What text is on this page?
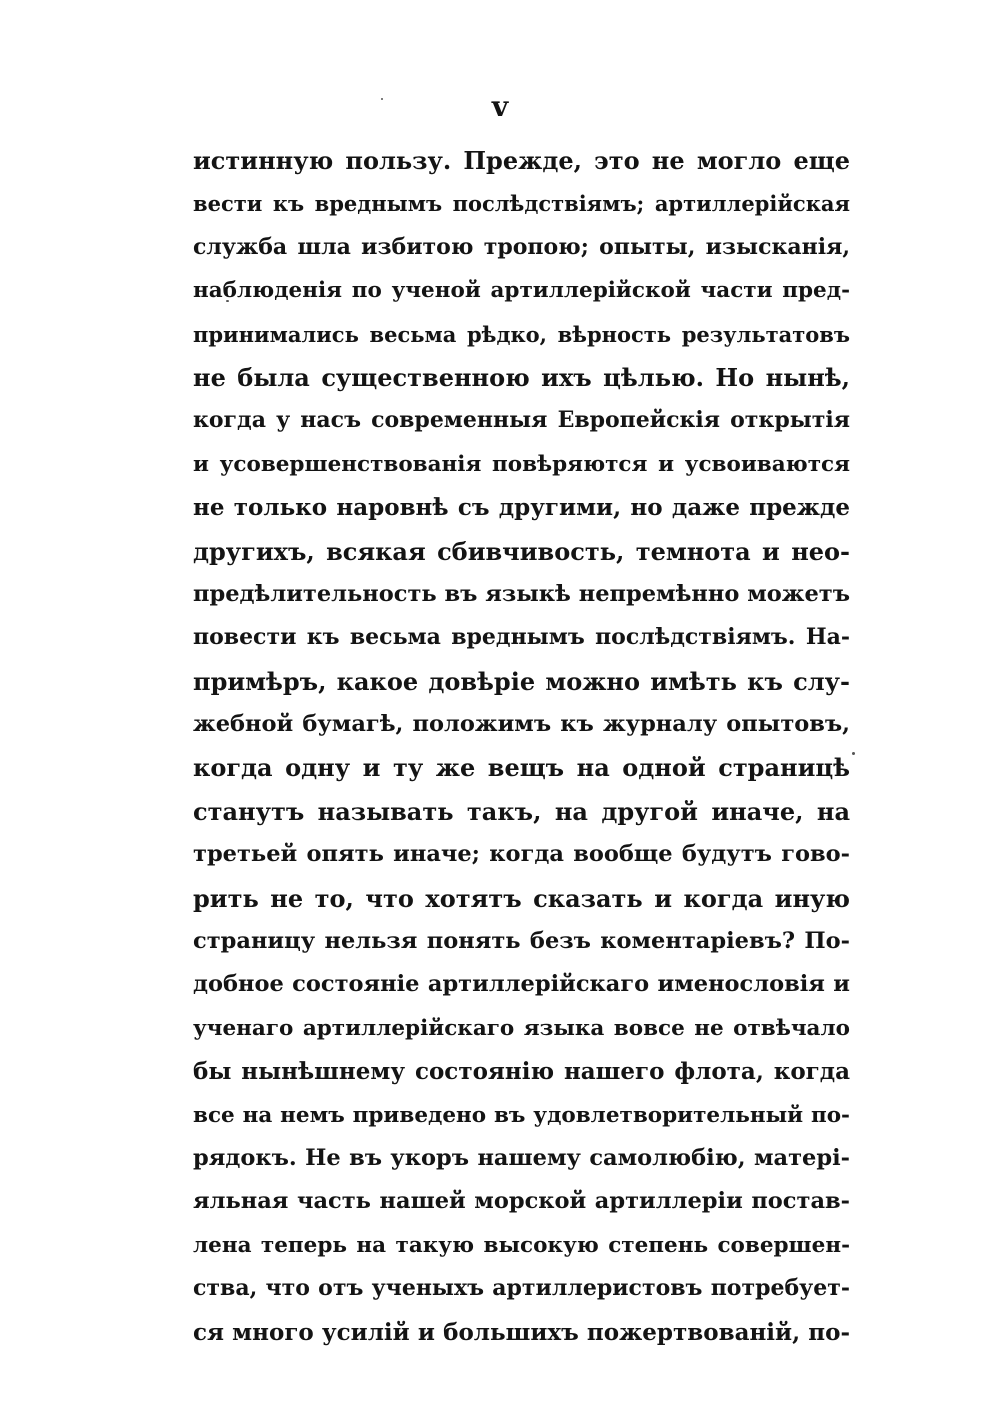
v
истинную пользу. Прежде, это не могло еще
вести къ вреднымъ послѣдствіямъ; артиллерійская
служба шла избитою тропою; опыты, изысканія,
наблюденія по ученой артиллерійской части пред-
принимались весьма рѣдко, вѣрность результатовъ
не была существенною ихъ цѣлью. Но нынѣ,
когда у насъ современныя Европейскія открытія
и усовершенствованія повѣряются и усвоиваются
не только наровнѣ съ другими, но даже прежде
другихъ, всякая сбивчивость, темнота и нео-
предѣлительность въ языкѣ непремѣнно можетъ
повести къ весьма вреднымъ послѣдствіямъ. На-
примѣръ, какое довѣріе можно имѣть къ слу-
жебной бумагѣ, положимъ къ журналу опытовъ,
когда одну и ту же вещъ на одной страницѣ
станутъ называть такъ, на другой иначе, на
третьей опять иначе; когда вообще будутъ гово-
рить не то, что хотятъ сказать и когда иную
страницу нельзя понять безъ коментаріевъ? По-
добное состояніе артиллерійскаго именословія и
ученаго артиллерійскаго языка вовсе не отвѣчало
бы нынѣшнему состоянію нашего флота, когда
все на немъ приведено въ удовлетворительный по-
рядокъ. Не въ укоръ нашему самолюбію, матері-
яльная часть нашей морской артиллеріи постав-
лена теперь на такую высокую степень совершен-
ства, что отъ ученыхъ артиллеристовъ потребует-
ся много усилій и большихъ пожертвованій, по-
